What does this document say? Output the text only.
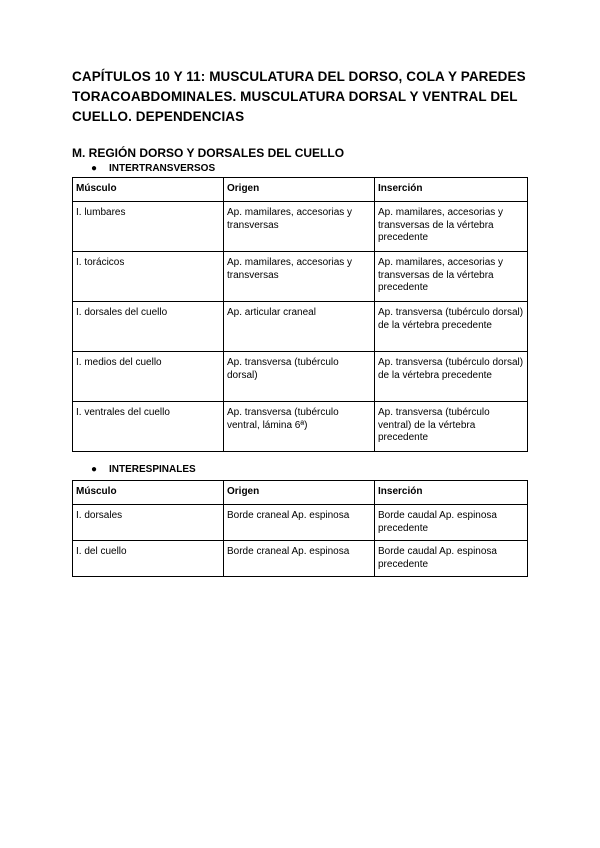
CAPÍTULOS 10 Y 11: MUSCULATURA DEL DORSO, COLA Y PAREDES TORACOABDOMINALES. MUSCULATURA DORSAL Y VENTRAL DEL CUELLO. DEPENDENCIAS
M. REGIÓN DORSO Y DORSALES DEL CUELLO
● INTERTRANSVERSOS
Músculo	Origen	Inserción
I. lumbares	Ap. mamilares, accesorias y transversas	Ap. mamilares, accesorias y transversas de la vértebra precedente
I. torácicos	Ap. mamilares, accesorias y transversas	Ap. mamilares, accesorias y transversas de la vértebra precedente
I. dorsales del cuello	Ap. articular craneal	Ap. transversa (tubérculo dorsal) de la vértebra precedente
I. medios del cuello	Ap. transversa (tubérculo dorsal)	Ap. transversa (tubérculo dorsal) de la vértebra precedente
I. ventrales del cuello	Ap. transversa (tubérculo ventral, lámina 6ª)	Ap. transversa (tubérculo ventral) de la vértebra precedente
● INTERESPINALES
Músculo	Origen	Inserción
I. dorsales	Borde craneal Ap. espinosa	Borde caudal Ap. espinosa precedente
I. del cuello	Borde craneal Ap. espinosa	Borde caudal Ap. espinosa precedente
